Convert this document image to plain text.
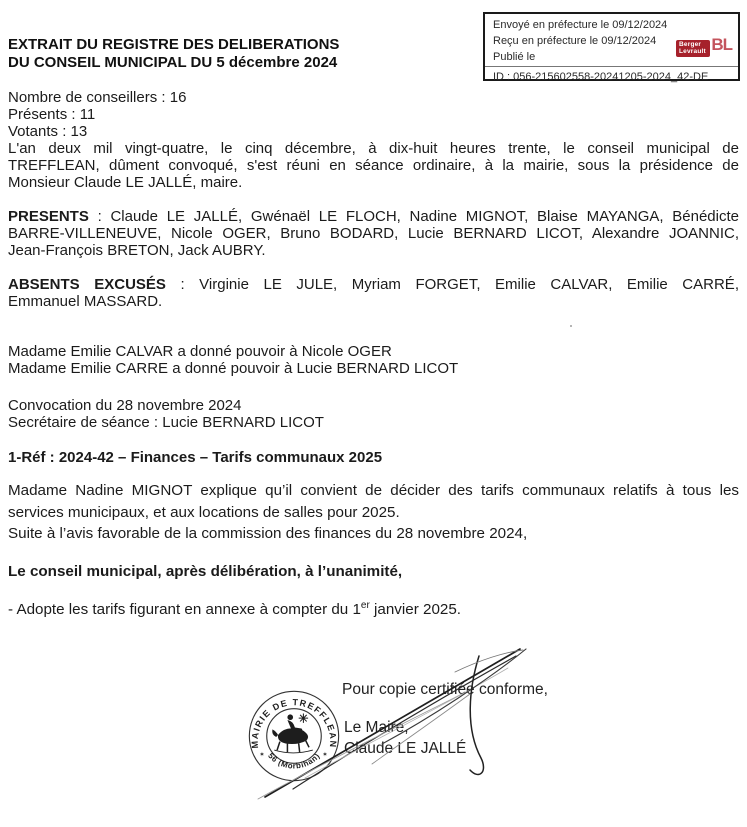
Envoyé en préfecture le 09/12/2024
Reçu en préfecture le 09/12/2024
Publié le
ID : 056-215602558-20241205-2024_42-DE
BL
Berger
Levrault
EXTRAIT DU REGISTRE DES DELIBERATIONS
DU CONSEIL MUNICIPAL DU 5 décembre 2024
Nombre de conseillers : 16
Présents : 11
Votants : 13
L'an deux mil vingt-quatre, le cinq décembre, à dix-huit heures trente, le conseil municipal de
TREFFLEAN, dûment convoqué, s'est réuni en séance ordinaire, à la mairie, sous la présidence de
Monsieur Claude LE JALLÉ, maire.
PRESENTS : Claude LE JALLÉ, Gwénaël LE FLOCH, Nadine MIGNOT, Blaise MAYANGA, Bénédicte
BARRE-VILLENEUVE, Nicole OGER, Bruno BODARD, Lucie BERNARD LICOT, Alexandre JOANNIC,
Jean-François BRETON, Jack AUBRY.
ABSENTS EXCUSÉS : Virginie LE JULE, Myriam FORGET, Emilie CALVAR, Emilie CARRÉ,
Emmanuel MASSARD.
Madame Emilie CALVAR a donné pouvoir à Nicole OGER
Madame Emilie CARRE a donné pouvoir à Lucie BERNARD LICOT
Convocation du 28 novembre 2024
Secrétaire de séance : Lucie BERNARD LICOT
1-Réf : 2024-42 – Finances – Tarifs communaux 2025
Madame Nadine MIGNOT explique qu’il convient de décider des tarifs communaux relatifs à tous les
services municipaux, et aux locations de salles pour 2025.
Suite à l’avis favorable de la commission des finances du 28 novembre 2024,
Le conseil municipal, après délibération, à l’unanimité,
- Adopte les tarifs figurant en annexe à compter du 1er janvier 2025.
Pour copie certifiée conforme,
Le Maire,
Claude LE JALLÉ
MAIRIE DE TREFFLEAN
56 (Morbihan)
✶	✶
